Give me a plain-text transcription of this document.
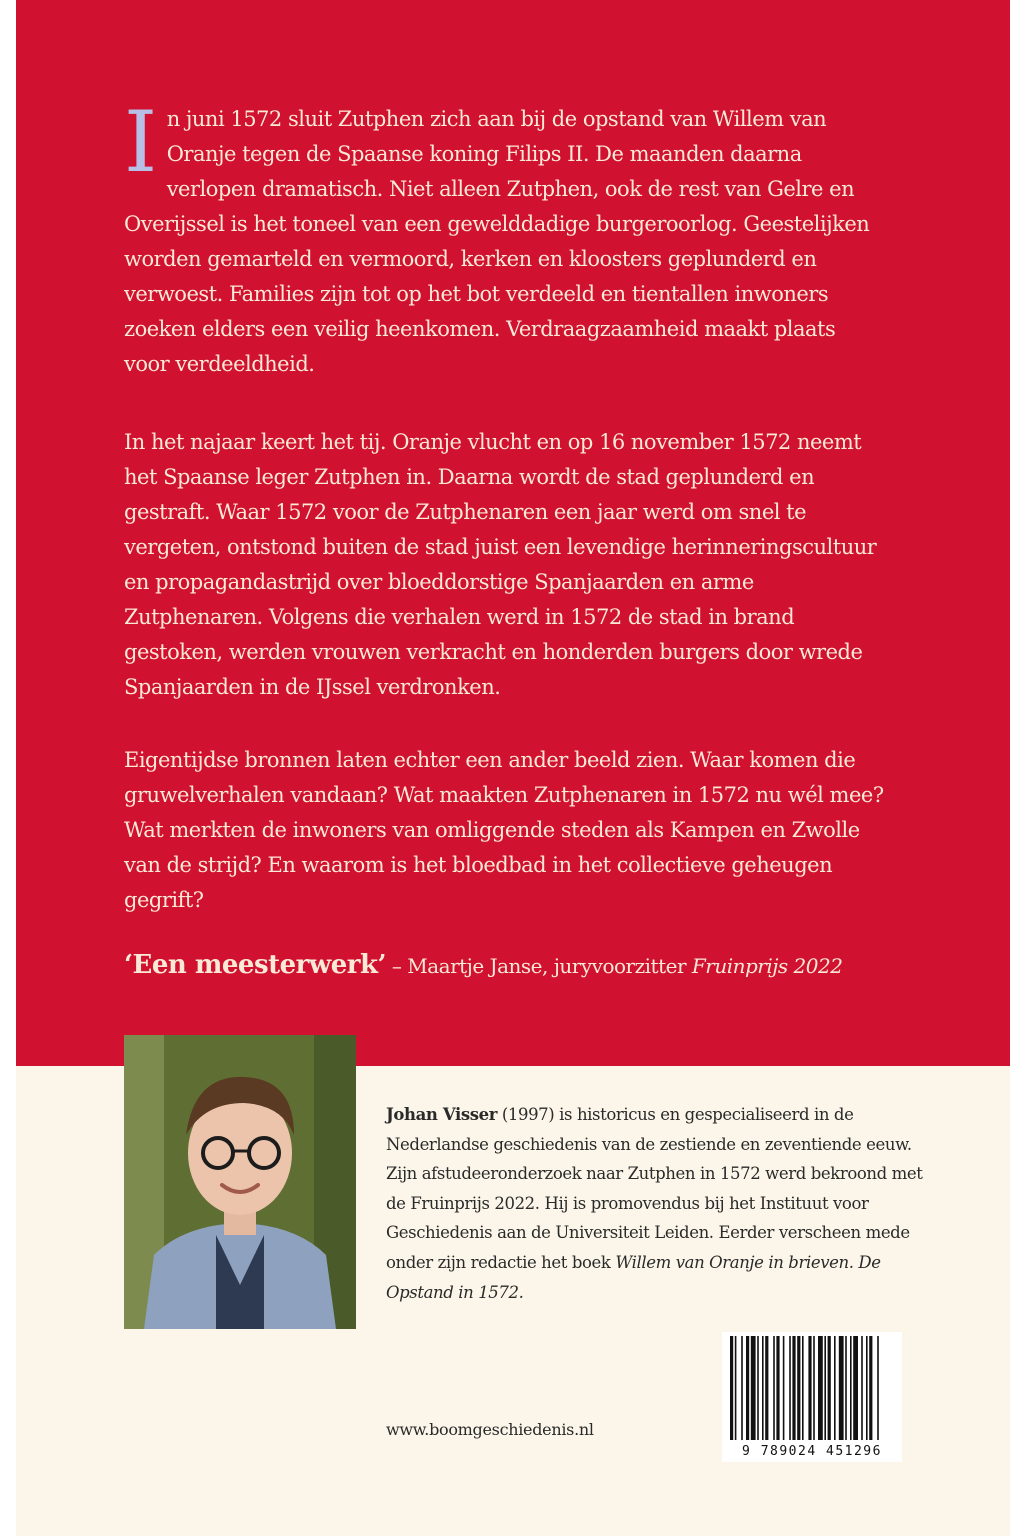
In juni 1572 sluit Zutphen zich aan bij de opstand van Willem van Oranje tegen de Spaanse koning Filips II. De maanden daarna verlopen dramatisch. Niet alleen Zutphen, ook de rest van Gelre en Overijssel is het toneel van een gewelddadige burgeroorlog. Geestelijken worden gemarteld en vermoord, kerken en kloosters geplunderd en verwoest. Families zijn tot op het bot verdeeld en tientallen inwoners zoeken elders een veilig heenkomen. Verdraagzaamheid maakt plaats voor verdeeldheid.

In het najaar keert het tij. Oranje vlucht en op 16 november 1572 neemt het Spaanse leger Zutphen in. Daarna wordt de stad geplunderd en gestraft. Waar 1572 voor de Zutphenaren een jaar werd om snel te vergeten, ontstond buiten de stad juist een levendige herinneringscultuur en propagandastrijd over bloeddorstige Spanjaarden en arme Zutphenaren. Volgens die verhalen werd in 1572 de stad in brand gestoken, werden vrouwen verkracht en honderden burgers door wrede Spanjaarden in de IJssel verdronken.

Eigentijdse bronnen laten echter een ander beeld zien. Waar komen die gruwelverhalen vandaan? Wat maakten Zutphenaren in 1572 nu wél mee? Wat merkten de inwoners van omliggende steden als Kampen en Zwolle van de strijd? En waarom is het bloedbad in het collectieve geheugen gegrift?

‘Een meesterwerk’ – Maartje Janse, juryvoorzitter Fruinprijs 2022

Johan Visser (1997) is historicus en gespecialiseerd in de Nederlandse geschiedenis van de zestiende en zeventiende eeuw. Zijn afstudeeronderzoek naar Zutphen in 1572 werd bekroond met de Fruinprijs 2022. Hij is promovendus bij het Instituut voor Geschiedenis aan de Universiteit Leiden. Eerder verscheen mede onder zijn redactie het boek Willem van Oranje in brieven. De Opstand in 1572.

www.boomgeschiedenis.nl
9 789024 451296
